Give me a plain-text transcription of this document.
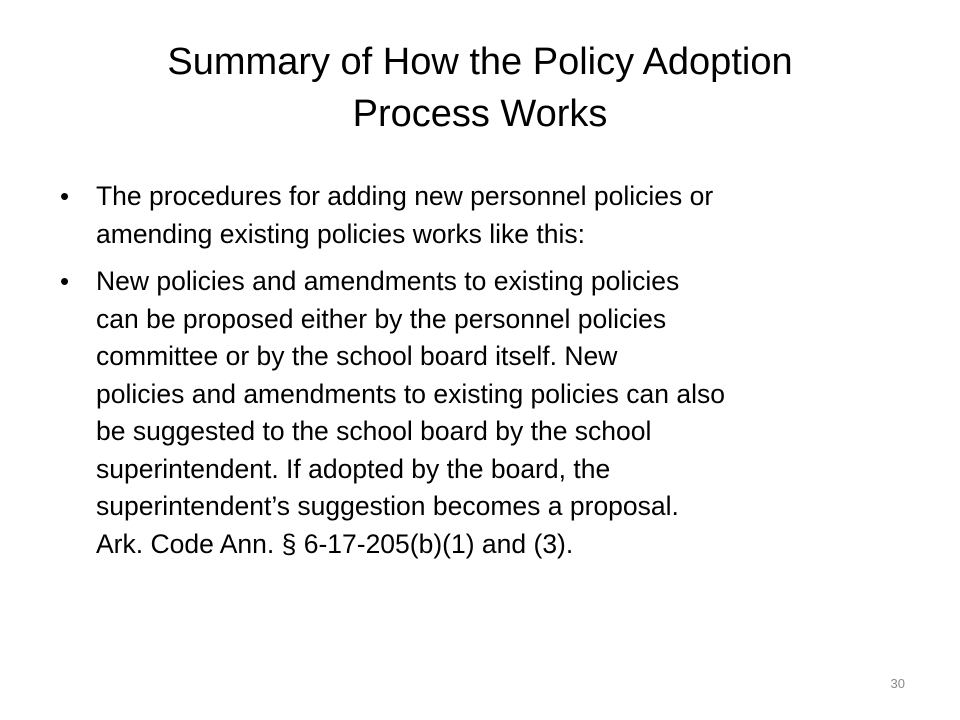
Summary of How the Policy Adoption
Process Works
•
The procedures for adding new personnel policies or
amending existing policies works like this:
•
New policies and amendments to existing policies
can be proposed either by the personnel policies
committee or by the school board itself. New
policies and amendments to existing policies can also
be suggested to the school board by the school
superintendent. If adopted by the board, the
superintendent’s suggestion becomes a proposal.
Ark. Code Ann. § 6-17-205(b)(1) and (3).
30
